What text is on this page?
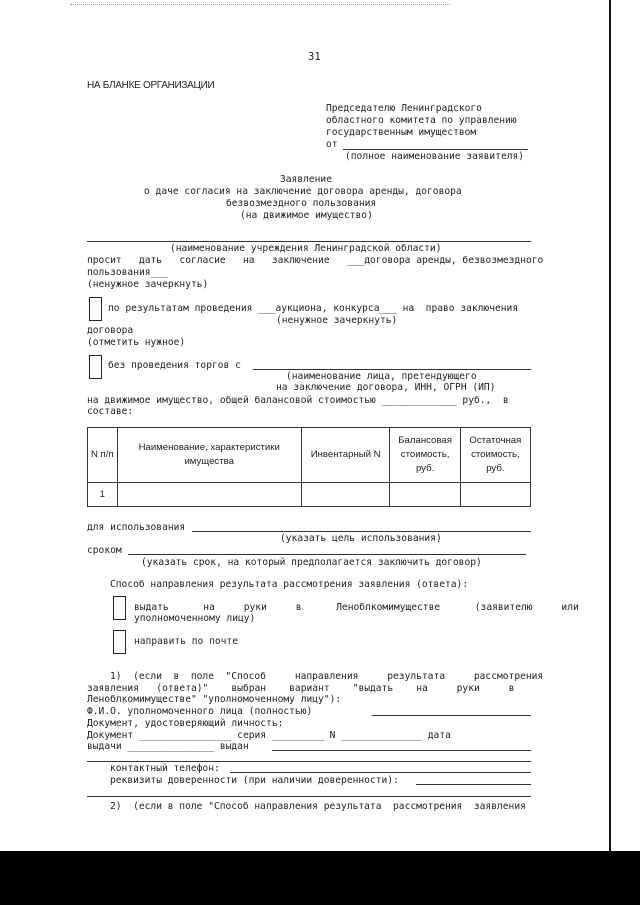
31
НА БЛАНКЕ ОРГАНИЗАЦИИ
Председателю Ленинградского
областного комитета по управлению
государственным имуществом
от
(полное наименование заявителя)
Заявление
о даче согласия на заключение договора аренды, договора
безвозмездного пользования
(на движимое имущество)
(наименование учреждения Ленинградской области)
просит   дать   согласие   на   заключение   ___договора аренды, безвозмездного
пользования___
(ненужное зачеркнуть)
по результатам проведения ___аукциона, конкурса___ на  право заключения
(ненужное зачеркнуть)
договора
(отметить нужное)
без проведения торгов с
(наименование лица, претендующего
на заключение договора, ИНН, ОГРН (ИП)
на движимое имущество, общей балансовой стоимостью _____________ руб.,  в
составе:
N п/п	Наименование, характеристики имущества	Инвентарный N	Балансовая стоимость, руб.	Остаточная стоимость, руб.
1				
для использования
(указать цель использования)
сроком
(указать срок, на который предполагается заключить договор)
Способ направления результата рассмотрения заявления (ответа):
выдать      на     руки     в      Леноблкомимуществе      (заявителю     или
уполномоченному лицу)
направить по почте
1)  (если  в  поле  "Способ     направления     результата     рассмотрения
заявления   (ответа)"    выбран    вариант    "выдать    на     руки     в
Леноблкомимуществе" "уполномоченному лицу"):
Ф.И.О. уполномоченного лица (полностью)
Документ, удостоверяющий личность:
Документ ________________ серия _________ N ______________ дата
выдачи _______________ выдан
контактный телефон:
реквизиты доверенности (при наличии доверенности):
2)  (если в поле "Способ направления результата  рассмотрения  заявления
